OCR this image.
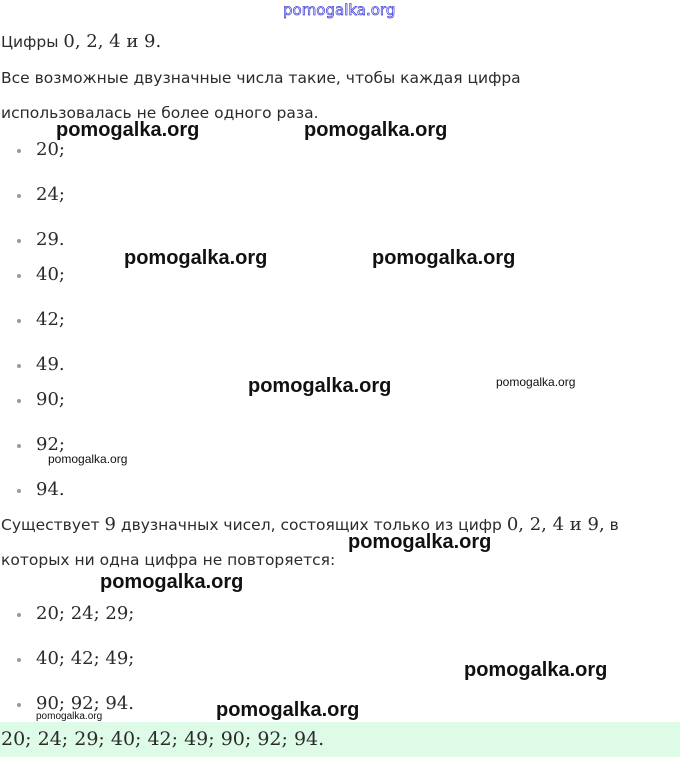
pomogalka.org
Цифры 0, 2, 4 и 9.
Все возможные двузначные числа такие, чтобы каждая цифра
использовалась не более одного раза.
20;
24;
29.
40;
42;
49.
90;
92;
94.
Существует 9 двузначных чисел, состоящих только из цифр 0, 2, 4 и 9, в
которых ни одна цифра не повторяется:
20; 24; 29;
40; 42; 49;
90; 92; 94.
20; 24; 29; 40; 42; 49; 90; 92; 94.
pomogalka.org	pomogalka.org
pomogalka.org	pomogalka.org
pomogalka.org	pomogalka.org
pomogalka.org
pomogalka.org
pomogalka.org
pomogalka.org
pomogalka.org
pomogalka.org
